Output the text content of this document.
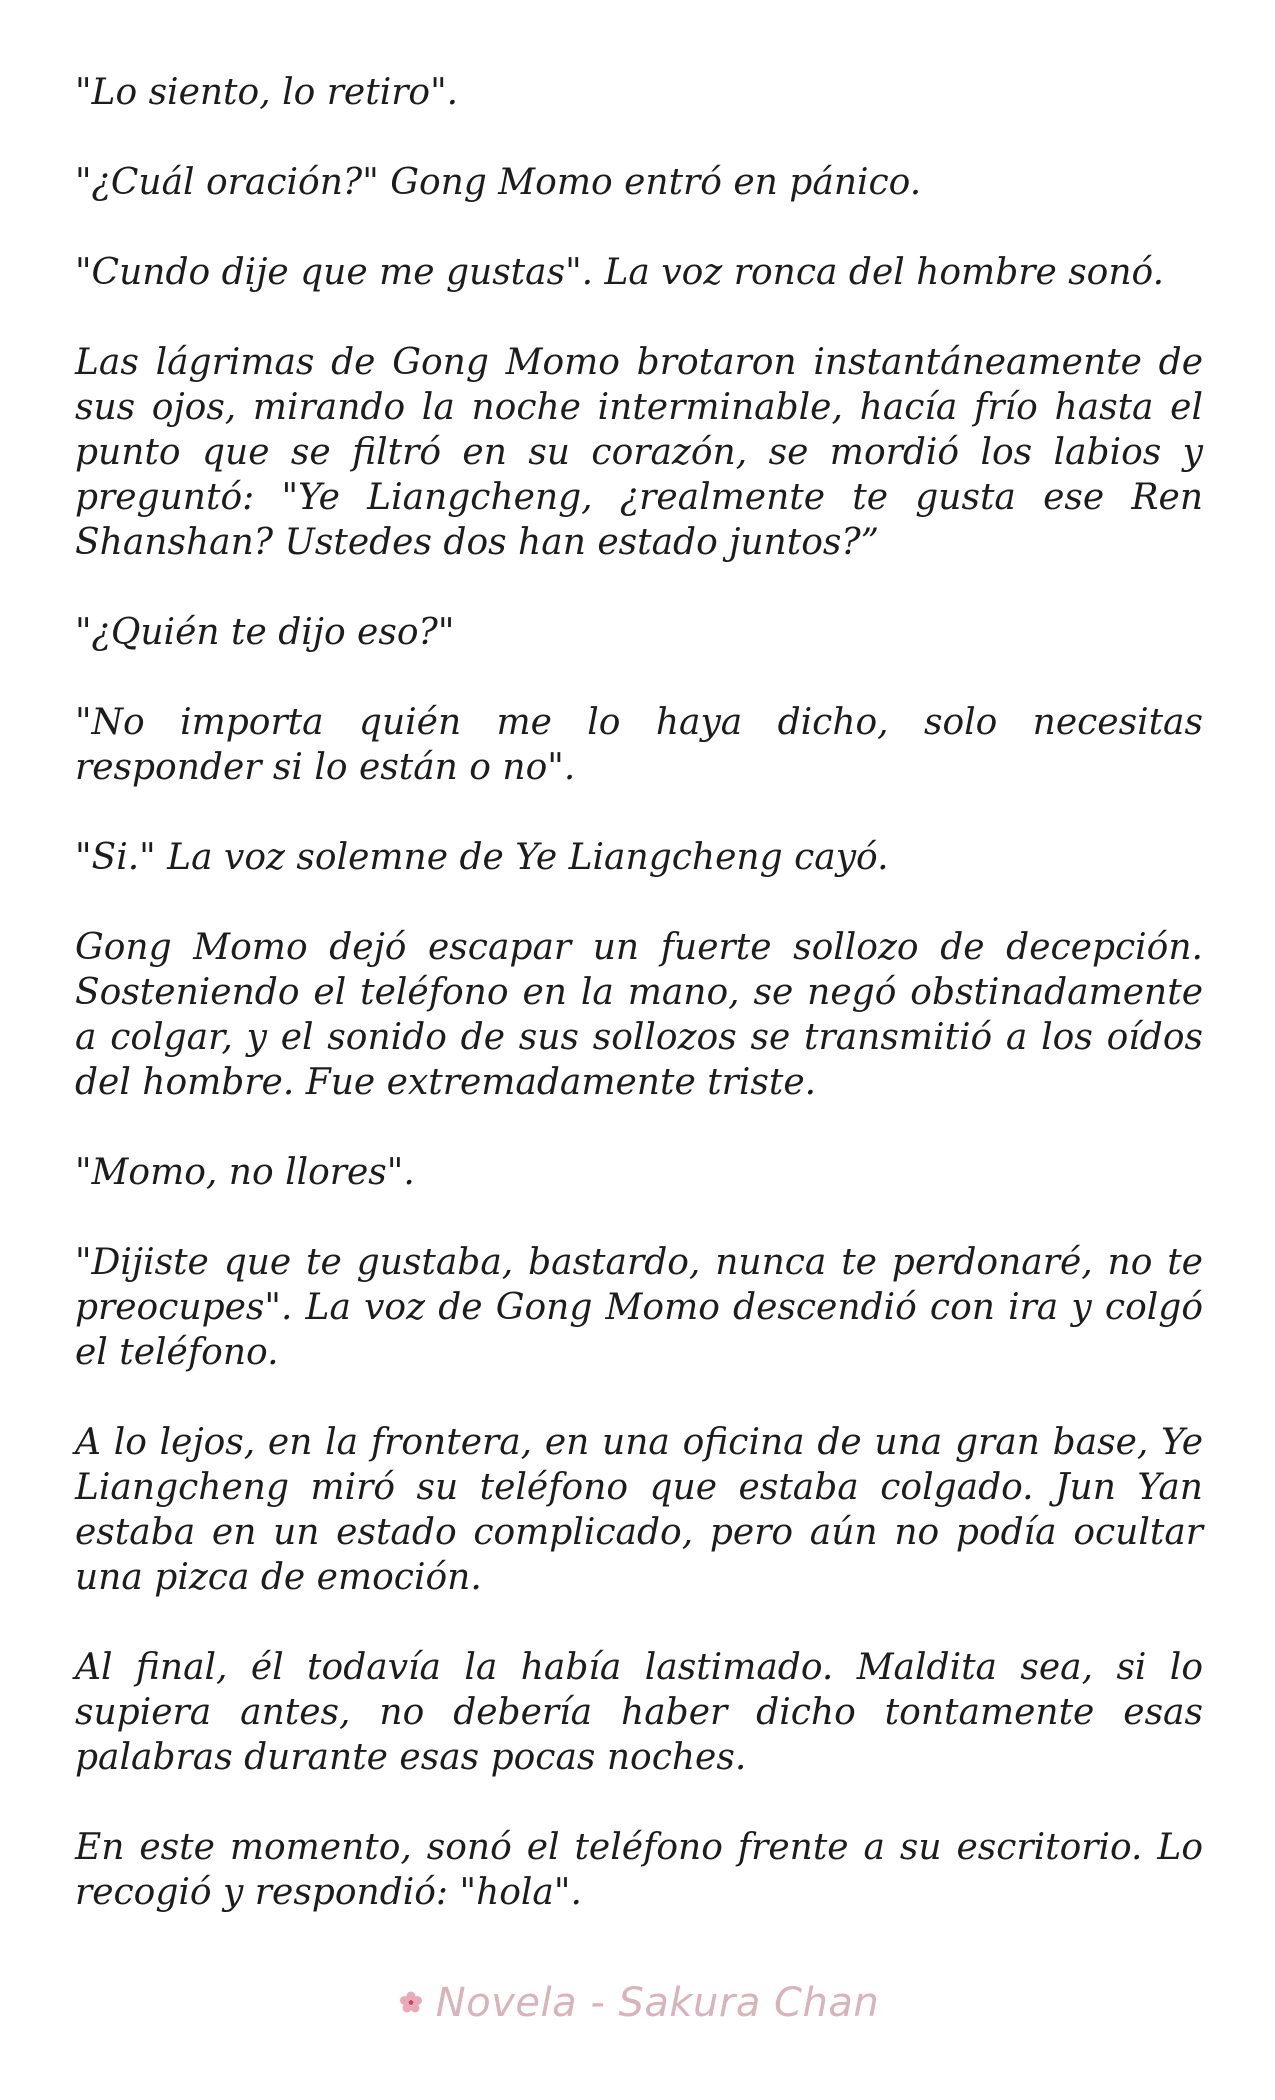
"Lo siento, lo retiro".

"¿Cuál oración?" Gong Momo entró en pánico.

"Cundo dije que me gustas". La voz ronca del hombre sonó.

Las lágrimas de Gong Momo brotaron instantáneamente de sus ojos, mirando la noche interminable, hacía frío hasta el punto que se filtró en su corazón, se mordió los labios y preguntó: "Ye Liangcheng, ¿realmente te gusta ese Ren Shanshan? Ustedes dos han estado juntos?”

"¿Quién te dijo eso?"

"No importa quién me lo haya dicho, solo necesitas responder si lo están o no".

"Si." La voz solemne de Ye Liangcheng cayó.

Gong Momo dejó escapar un fuerte sollozo de decepción. Sosteniendo el teléfono en la mano, se negó obstinadamente a colgar, y el sonido de sus sollozos se transmitió a los oídos del hombre. Fue extremadamente triste.

"Momo, no llores".

"Dijiste que te gustaba, bastardo, nunca te perdonaré, no te preocupes". La voz de Gong Momo descendió con ira y colgó el teléfono.

A lo lejos, en la frontera, en una oficina de una gran base, Ye Liangcheng miró su teléfono que estaba colgado. Jun Yan estaba en un estado complicado, pero aún no podía ocultar una pizca de emoción.

Al final, él todavía la había lastimado. Maldita sea, si lo supiera antes, no debería haber dicho tontamente esas palabras durante esas pocas noches.

En este momento, sonó el teléfono frente a su escritorio. Lo recogió y respondió: "hola".

Novela - Sakura Chan
